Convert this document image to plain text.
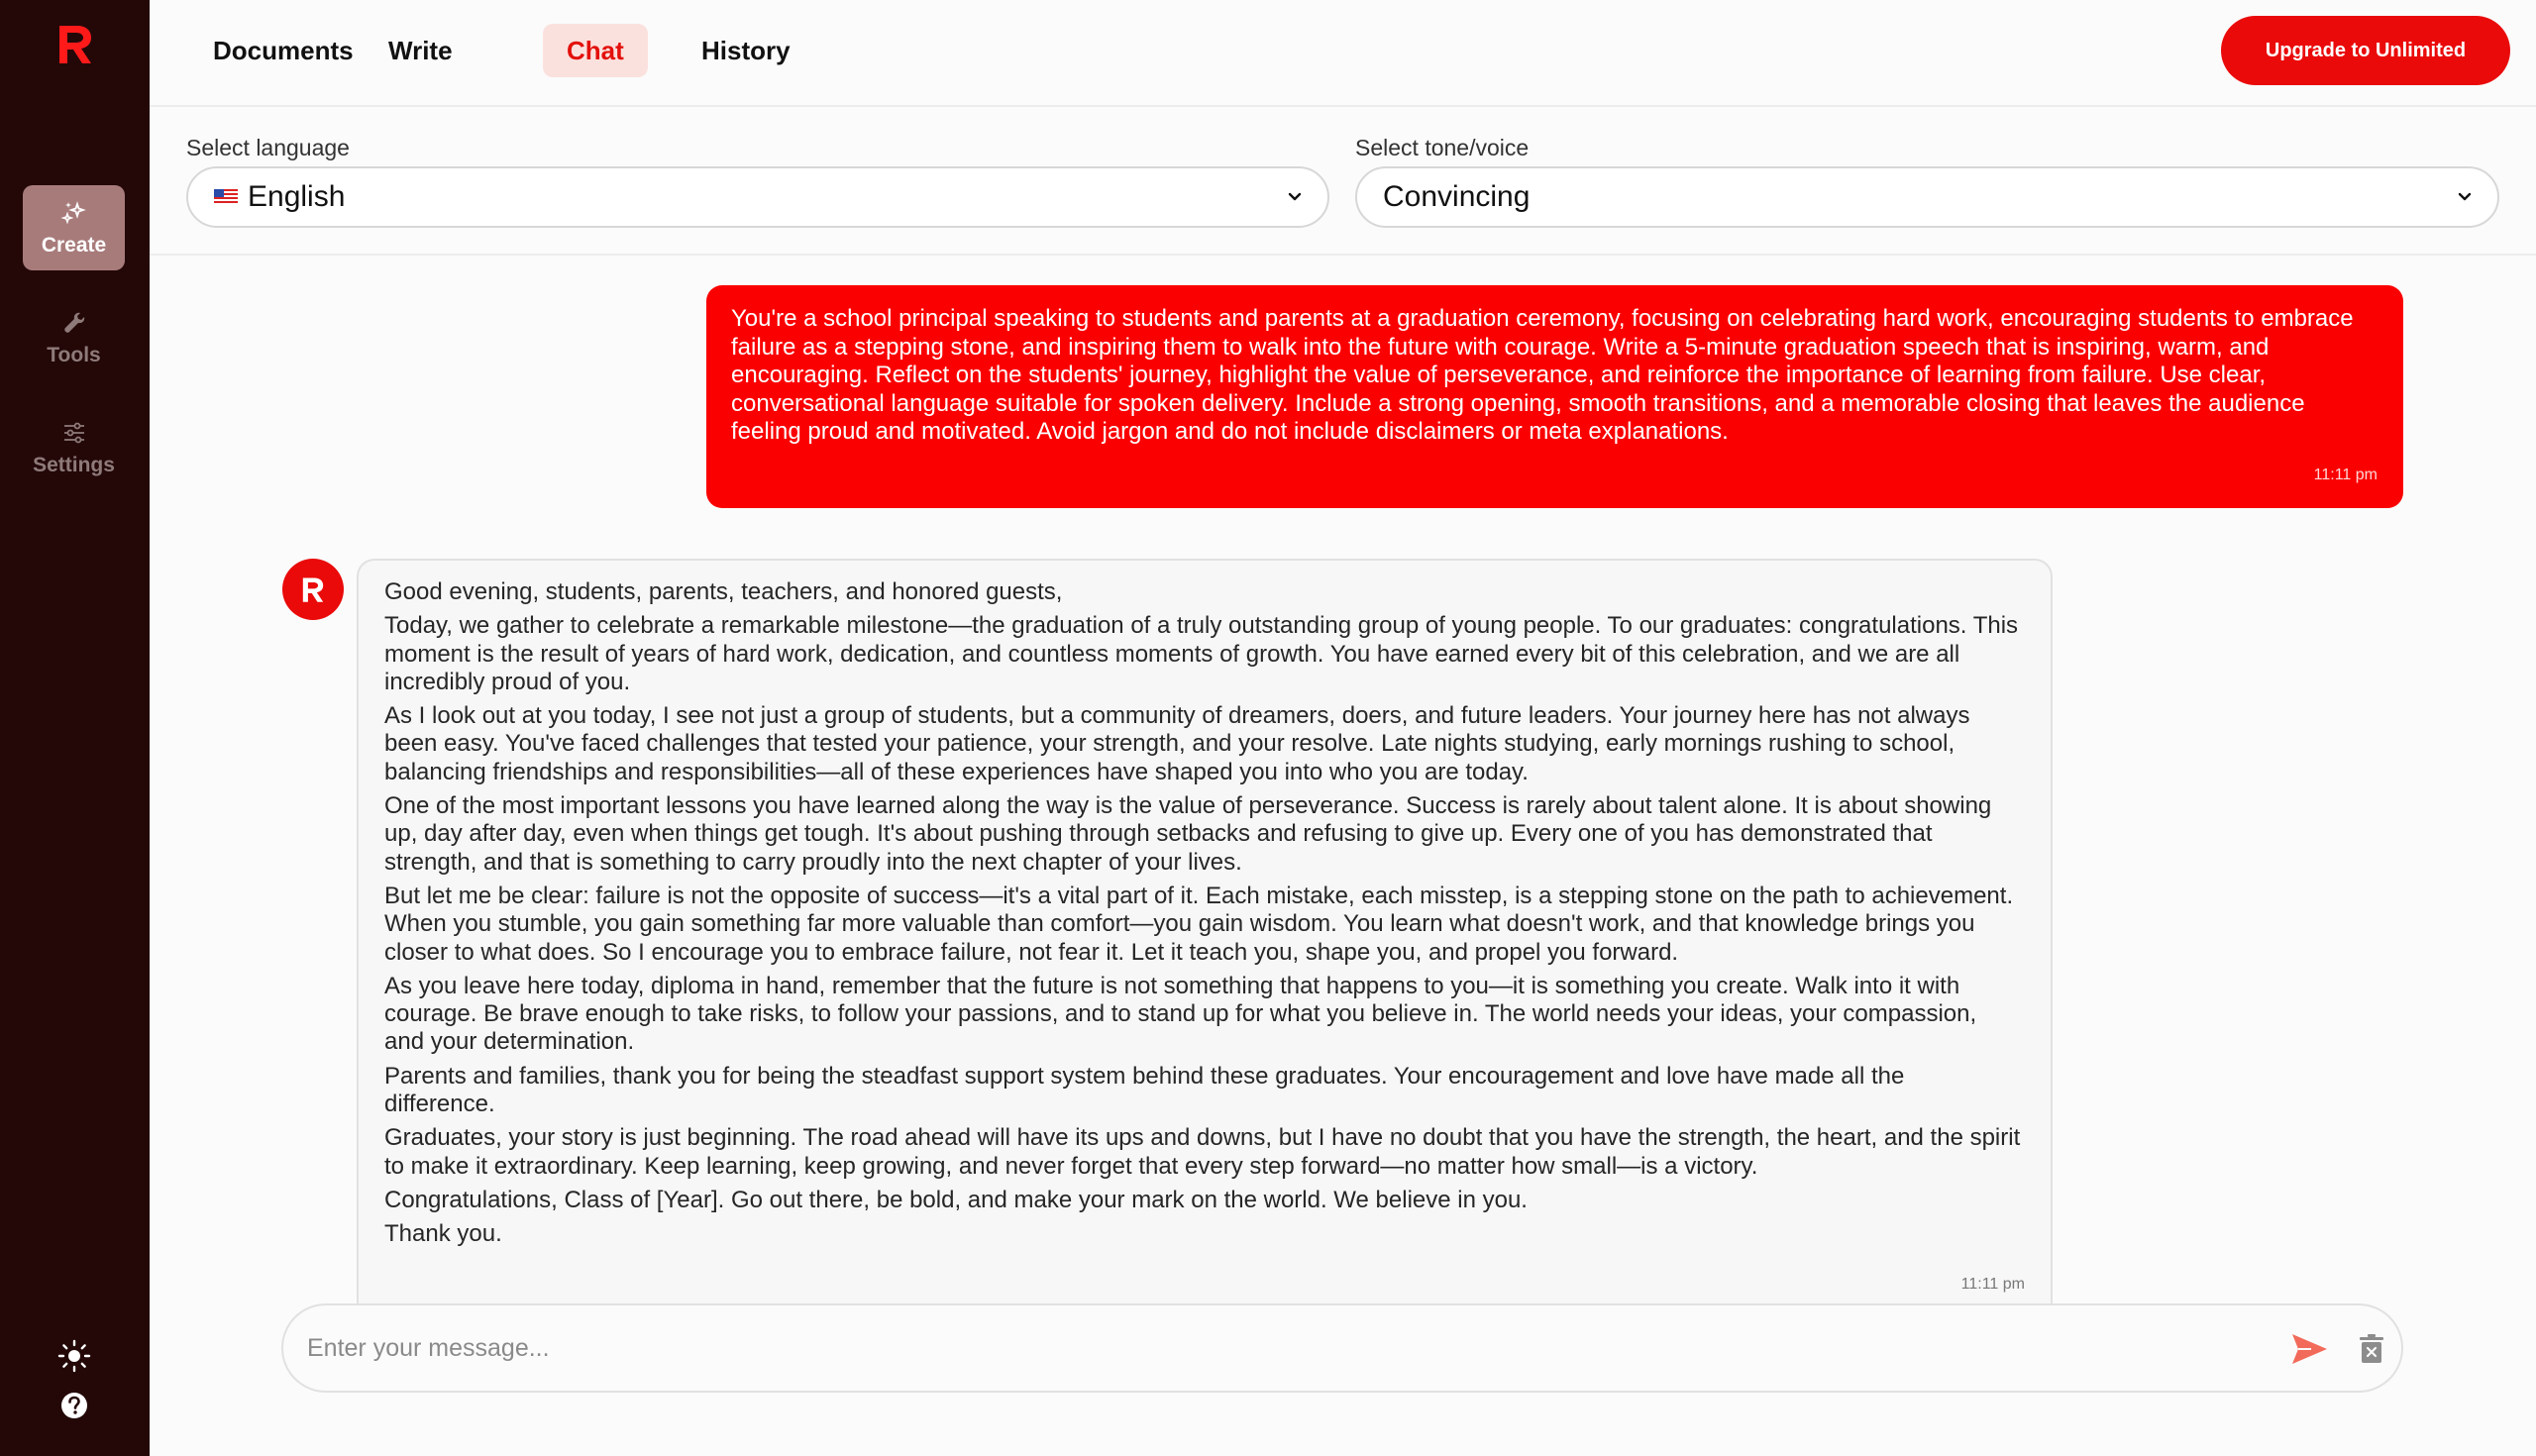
Create
Tools
Settings
Documents Write	Chat	History	Upgrade to Unlimited
Select language
English
Select tone/voice
Convincing

You're a school principal speaking to students and parents at a graduation ceremony, focusing on celebrating hard work, encouraging students to embrace failure as a stepping stone, and inspiring them to walk into the future with courage. Write a 5-minute graduation speech that is inspiring, warm, and encouraging. Reflect on the students' journey, highlight the value of perseverance, and reinforce the importance of learning from failure. Use clear, conversational language suitable for spoken delivery. Include a strong opening, smooth transitions, and a memorable closing that leaves the audience feeling proud and motivated. Avoid jargon and do not include disclaimers or meta explanations.

11:11 pm

Good evening, students, parents, teachers, and honored guests,

Today, we gather to celebrate a remarkable milestone—the graduation of a truly outstanding group of young people. To our graduates: congratulations. This moment is the result of years of hard work, dedication, and countless moments of growth. You have earned every bit of this celebration, and we are all incredibly proud of you.

As I look out at you today, I see not just a group of students, but a community of dreamers, doers, and future leaders. Your journey here has not always been easy. You've faced challenges that tested your patience, your strength, and your resolve. Late nights studying, early mornings rushing to school, balancing friendships and responsibilities—all of these experiences have shaped you into who you are today.

One of the most important lessons you have learned along the way is the value of perseverance. Success is rarely about talent alone. It is about showing up, day after day, even when things get tough. It's about pushing through setbacks and refusing to give up. Every one of you has demonstrated that strength, and that is something to carry proudly into the next chapter of your lives.

But let me be clear: failure is not the opposite of success—it's a vital part of it. Each mistake, each misstep, is a stepping stone on the path to achievement. When you stumble, you gain something far more valuable than comfort—you gain wisdom. You learn what doesn't work, and that knowledge brings you closer to what does. So I encourage you to embrace failure, not fear it. Let it teach you, shape you, and propel you forward.

As you leave here today, diploma in hand, remember that the future is not something that happens to you—it is something you create. Walk into it with courage. Be brave enough to take risks, to follow your passions, and to stand up for what you believe in. The world needs your ideas, your compassion, and your determination.

Parents and families, thank you for being the steadfast support system behind these graduates. Your encouragement and love have made all the difference.

Graduates, your story is just beginning. The road ahead will have its ups and downs, but I have no doubt that you have the strength, the heart, and the spirit to make it extraordinary. Keep learning, keep growing, and never forget that every step forward—no matter how small—is a victory.

Congratulations, Class of [Year]. Go out there, be bold, and make your mark on the world. We believe in you.

Thank you.

11:11 pm
Enter your message...
